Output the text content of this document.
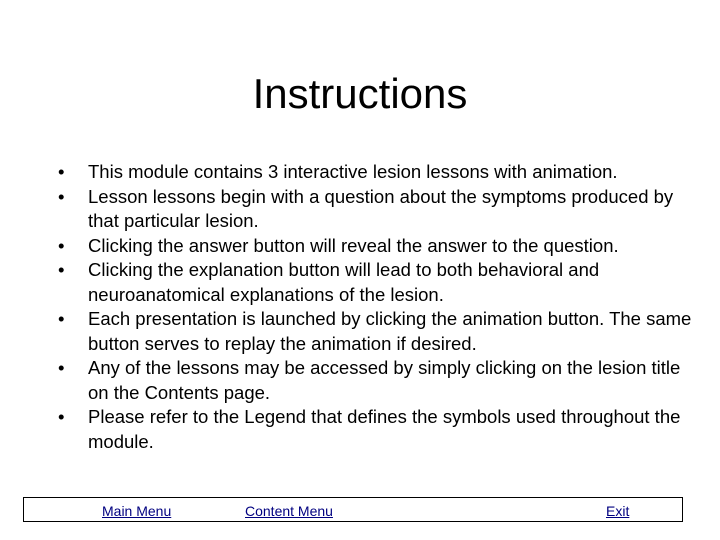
Instructions
•	This module contains 3 interactive lesion lessons with animation.
•	Lesson lessons begin with a question about the symptoms produced by that particular lesion.
•	Clicking the answer button will reveal the answer to the question.
•	Clicking the explanation button will lead to both behavioral and neuroanatomical explanations of the lesion.
•	Each presentation is launched by clicking the animation button. The same button serves to replay the animation if desired.
•	Any of the lessons may be accessed by simply clicking on the lesion title on the Contents page.
•	Please refer to the Legend that defines the symbols used throughout the module.
Main Menu	Content Menu	Exit
